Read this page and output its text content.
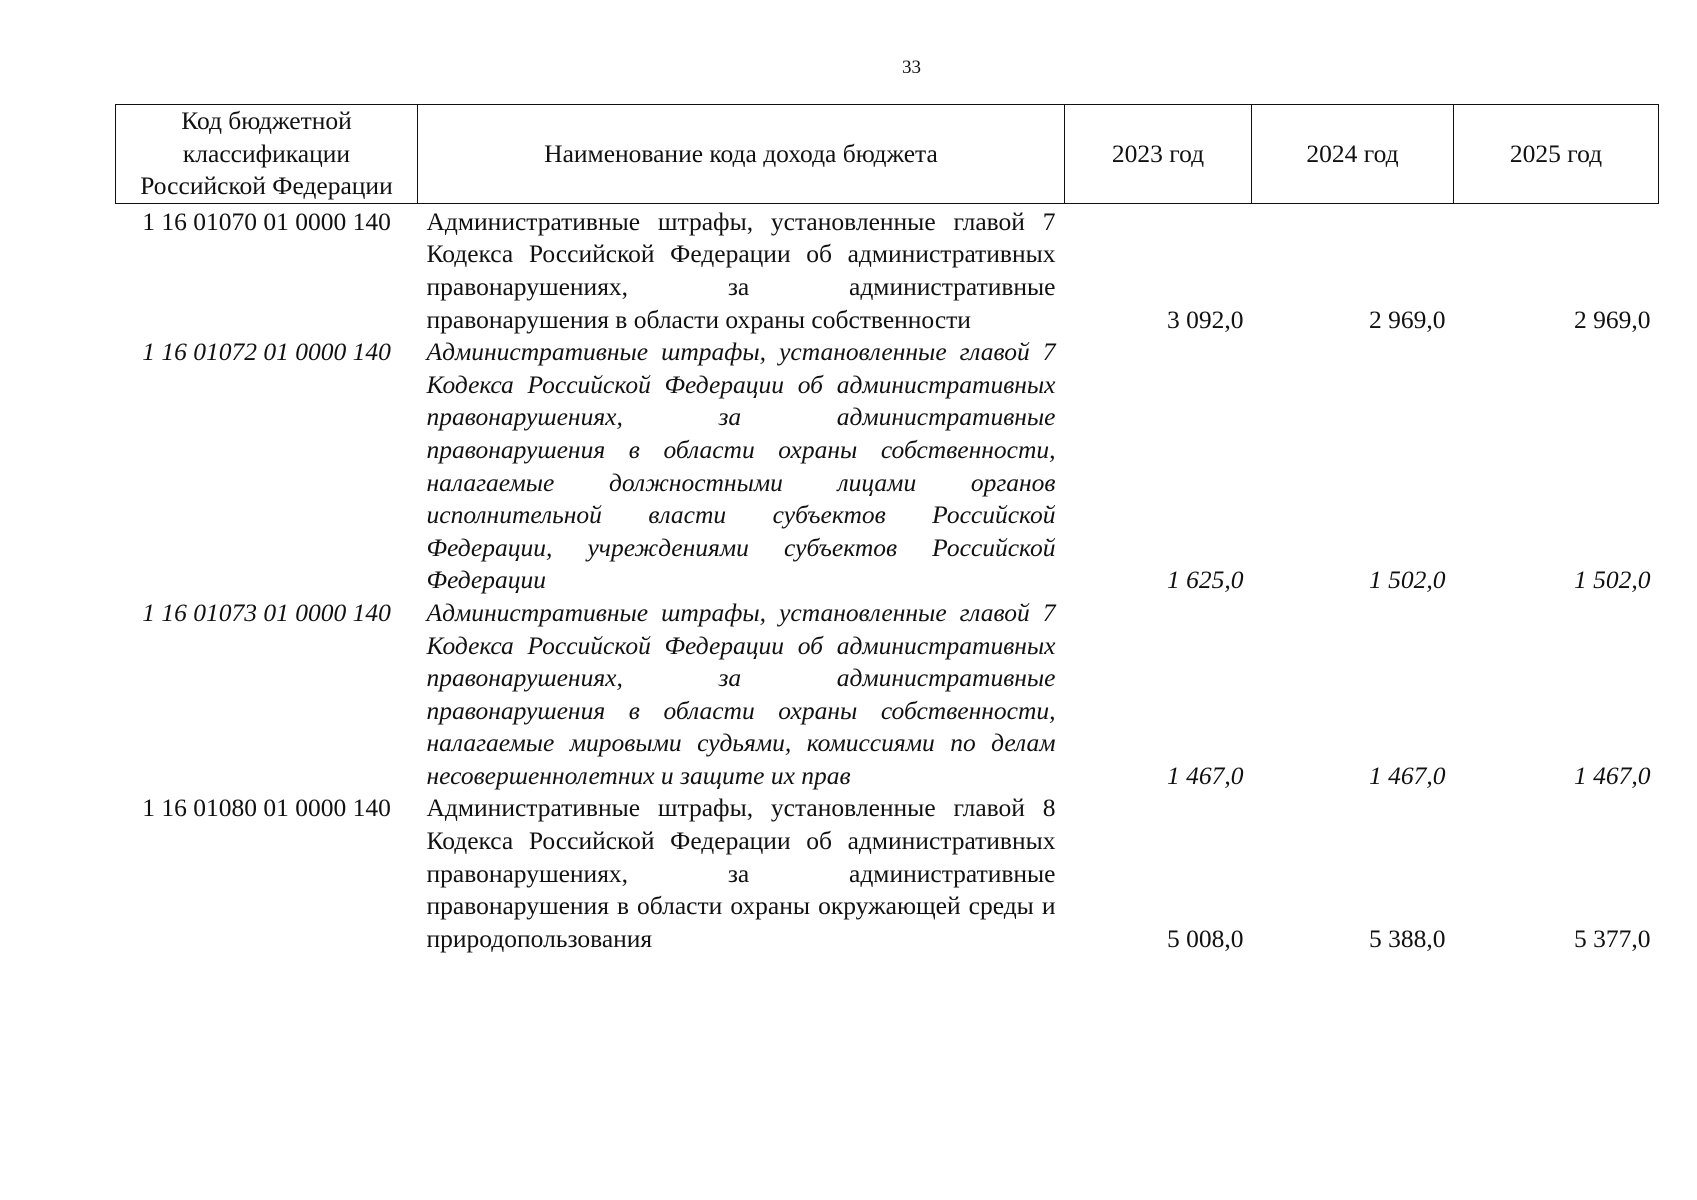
33
Код бюджетной классификации Российской Федерации	Наименование кода дохода бюджета	2023 год	2024 год	2025 год
1 16 01070 01 0000 140	Административные штрафы, установленные главой 7 Кодекса Российской Федерации об административных правонарушениях, за административные правонарушения в области охраны собственности	3 092,0	2 969,0	2 969,0
1 16 01072 01 0000 140	Административные штрафы, установленные главой 7 Кодекса Российской Федерации об административных правонарушениях, за административные правонарушения в области охраны собственности, налагаемые должностными лицами органов исполнительной власти субъектов Российской Федерации, учреждениями субъектов Российской Федерации	1 625,0	1 502,0	1 502,0
1 16 01073 01 0000 140	Административные штрафы, установленные главой 7 Кодекса Российской Федерации об административных правонарушениях, за административные правонарушения в области охраны собственности, налагаемые мировыми судьями, комиссиями по делам несовершеннолетних и защите их прав	1 467,0	1 467,0	1 467,0
1 16 01080 01 0000 140	Административные штрафы, установленные главой 8 Кодекса Российской Федерации об административных правонарушениях, за административные правонарушения в области охраны окружающей среды и природопользования	5 008,0	5 388,0	5 377,0
